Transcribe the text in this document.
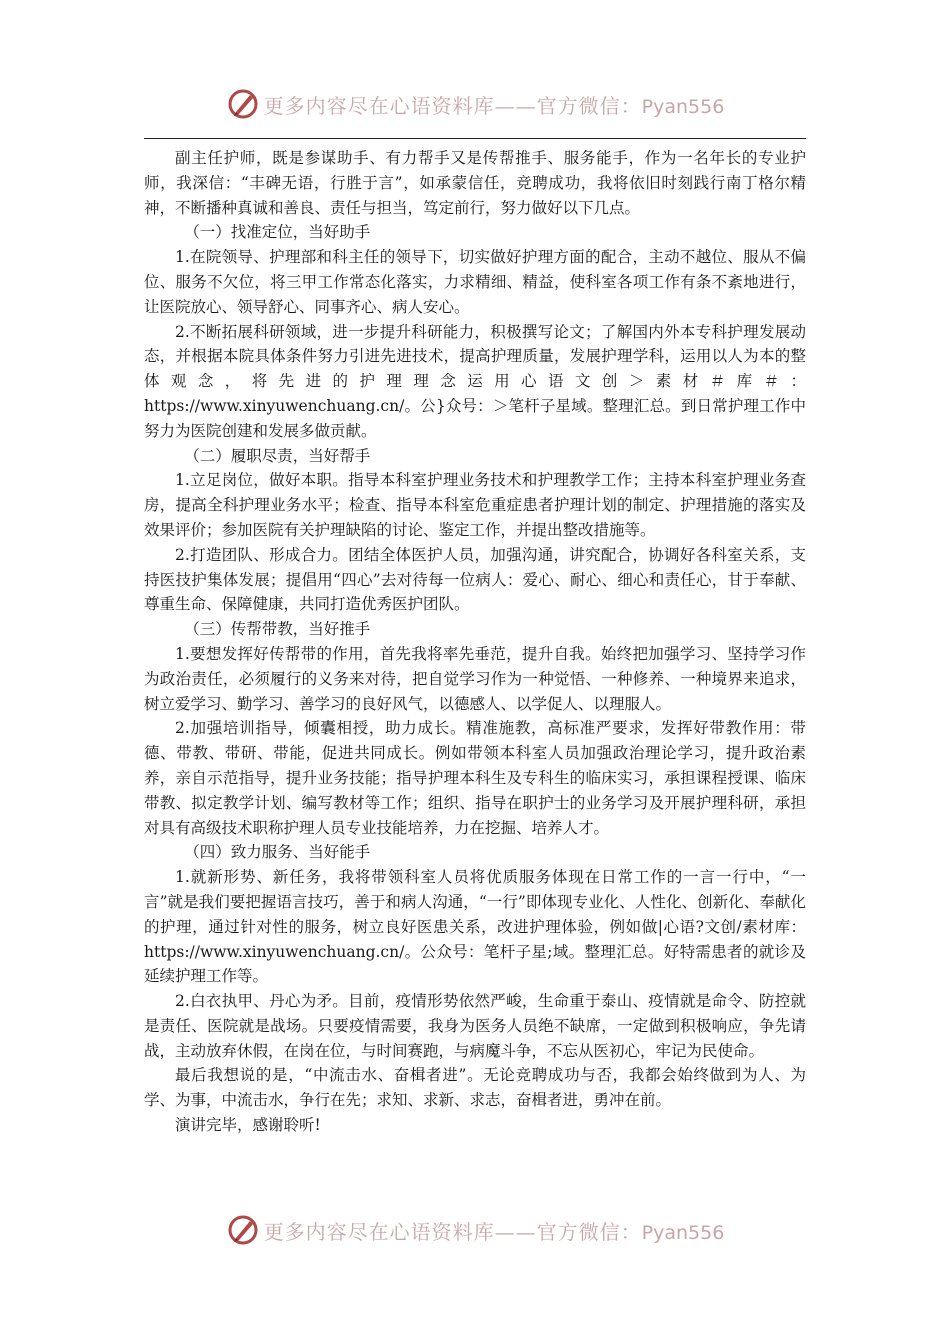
更多内容尽在心语资料库——官方微信：Pyan556

副主任护师，既是参谋助手、有力帮手又是传帮推手、服务能手，作为一名年长的专业护师，我深信：“丰碑无语，行胜于言”，如承蒙信任，竞聘成功，我将依旧时刻践行南丁格尔精神，不断播种真诚和善良、责任与担当，笃定前行，努力做好以下几点。

（一）找准定位，当好助手

1.在院领导、护理部和科主任的领导下，切实做好护理方面的配合，主动不越位、服从不偏位、服务不欠位，将三甲工作常态化落实，力求精细、精益，使科室各项工作有条不紊地进行，让医院放心、领导舒心、同事齐心、病人安心。

2.不断拓展科研领域，进一步提升科研能力，积极撰写论文；了解国内外本专科护理发展动态，并根据本院具体条件努力引进先进技术，提高护理质量，发展护理学科，运用以人为本的整体观念，将先进的护理理念运用心语文创＞素材＃库＃：https://www.xinyuwenchuang.cn/。公}众号：＞笔杆子星域。整理汇总。到日常护理工作中努力为医院创建和发展多做贡献。

（二）履职尽责，当好帮手

1.立足岗位，做好本职。指导本科室护理业务技术和护理教学工作；主持本科室护理业务查房，提高全科护理业务水平；检查、指导本科室危重症患者护理计划的制定、护理措施的落实及效果评价；参加医院有关护理缺陷的讨论、鉴定工作，并提出整改措施等。

2.打造团队、形成合力。团结全体医护人员，加强沟通，讲究配合，协调好各科室关系，支持医技护集体发展；提倡用“四心”去对待每一位病人：爱心、耐心、细心和责任心，甘于奉献、尊重生命、保障健康，共同打造优秀医护团队。

（三）传帮带教，当好推手

1.要想发挥好传帮带的作用，首先我将率先垂范，提升自我。始终把加强学习、坚持学习作为政治责任，必须履行的义务来对待，把自觉学习作为一种觉悟、一种修养、一种境界来追求，树立爱学习、勤学习、善学习的良好风气，以德感人、以学促人、以理服人。

2.加强培训指导，倾囊相授，助力成长。精准施教，高标准严要求，发挥好带教作用：带德、带教、带研、带能，促进共同成长。例如带领本科室人员加强政治理论学习，提升政治素养，亲自示范指导，提升业务技能；指导护理本科生及专科生的临床实习，承担课程授课、临床带教、拟定教学计划、编写教材等工作；组织、指导在职护士的业务学习及开展护理科研，承担对具有高级技术职称护理人员专业技能培养，力在挖掘、培养人才。

（四）致力服务、当好能手

1.就新形势、新任务，我将带领科室人员将优质服务体现在日常工作的一言一行中，“一言”就是我们要把握语言技巧，善于和病人沟通，“一行”即体现专业化、人性化、创新化、奉献化的护理，通过针对性的服务，树立良好医患关系，改进护理体验，例如做|心语?文创/素材库：https://www.xinyuwenchuang.cn/。公众号：笔杆子星;域。整理汇总。好特需患者的就诊及延续护理工作等。

2.白衣执甲、丹心为矛。目前，疫情形势依然严峻，生命重于泰山、疫情就是命令、防控就是责任、医院就是战场。只要疫情需要，我身为医务人员绝不缺席，一定做到积极响应，争先请战，主动放弃休假，在岗在位，与时间赛跑，与病魔斗争，不忘从医初心，牢记为民使命。

最后我想说的是，“中流击水、奋楫者进”。无论竞聘成功与否，我都会始终做到为人、为学、为事，中流击水，争行在先；求知、求新、求志，奋楫者进，勇冲在前。

演讲完毕，感谢聆听!

更多内容尽在心语资料库——官方微信：Pyan556
